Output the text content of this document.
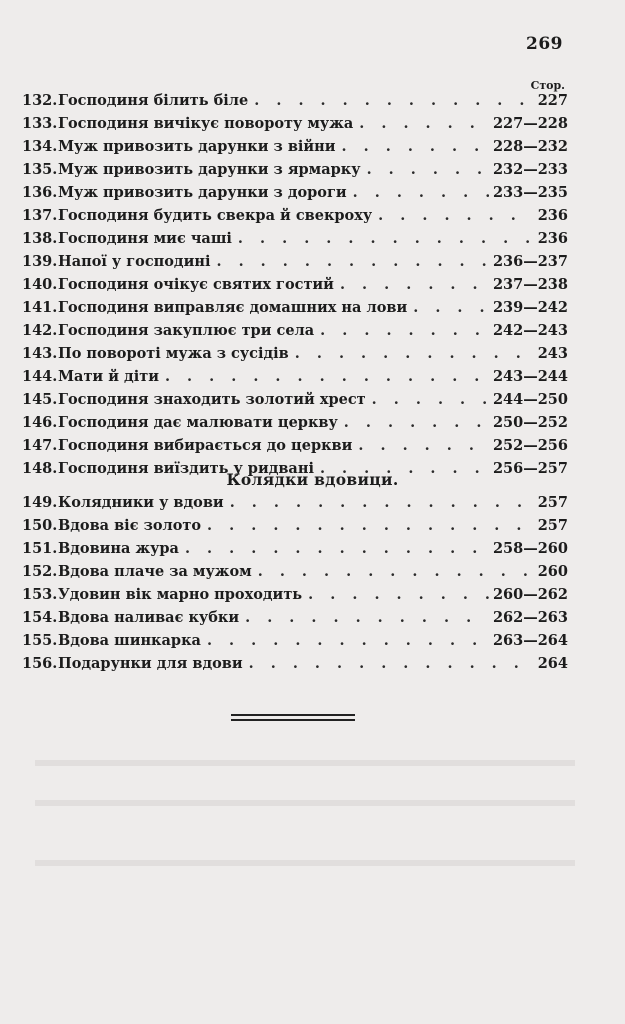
269
Стор.
132. Господиня білить біле . . .	227
133. Господиня вичікує повороту мужа . . .	227—228
134. Муж привозить дарунки з війни . . .	228—232
135. Муж привозить дарунки з ярмарку . . .	232—233
136. Муж привозить дарунки з дороги . . .	233—235
137. Господиня будить свекра й свекроху . . .	236
138. Господиня миє чаші . . .	236
139. Напої у господині . . .	236—237
140. Господиня очікує святих гостий . . .	237—238
141. Господиня виправляє домашних на лови . . .	239—242
142. Господиня закуплює три села . . .	242—243
143. По повороті мужа з сусідів . . .	243
144. Мати й діти . . .	243—244
145. Господиня знаходить золотий хрест . . .	244—250
146. Господиня дає малювати церкву . . .	250—252
147. Господиня вибирається до церкви . . .	252—256
148. Господиня виїздить у ридвані . . .	256—257
Колядки вдовици.
149. Колядники у вдови . . .	257
150. Вдова віє золото . . .	257
151. Вдовина жура . . .	258—260
152. Вдова плаче за мужом . . .	260
153. Удовин вік марно проходить . . .	260—262
154. Вдова наливає кубки . . .	262—263
155. Вдова шинкарка . . .	263—264
156. Подарунки для вдови . . .	264
